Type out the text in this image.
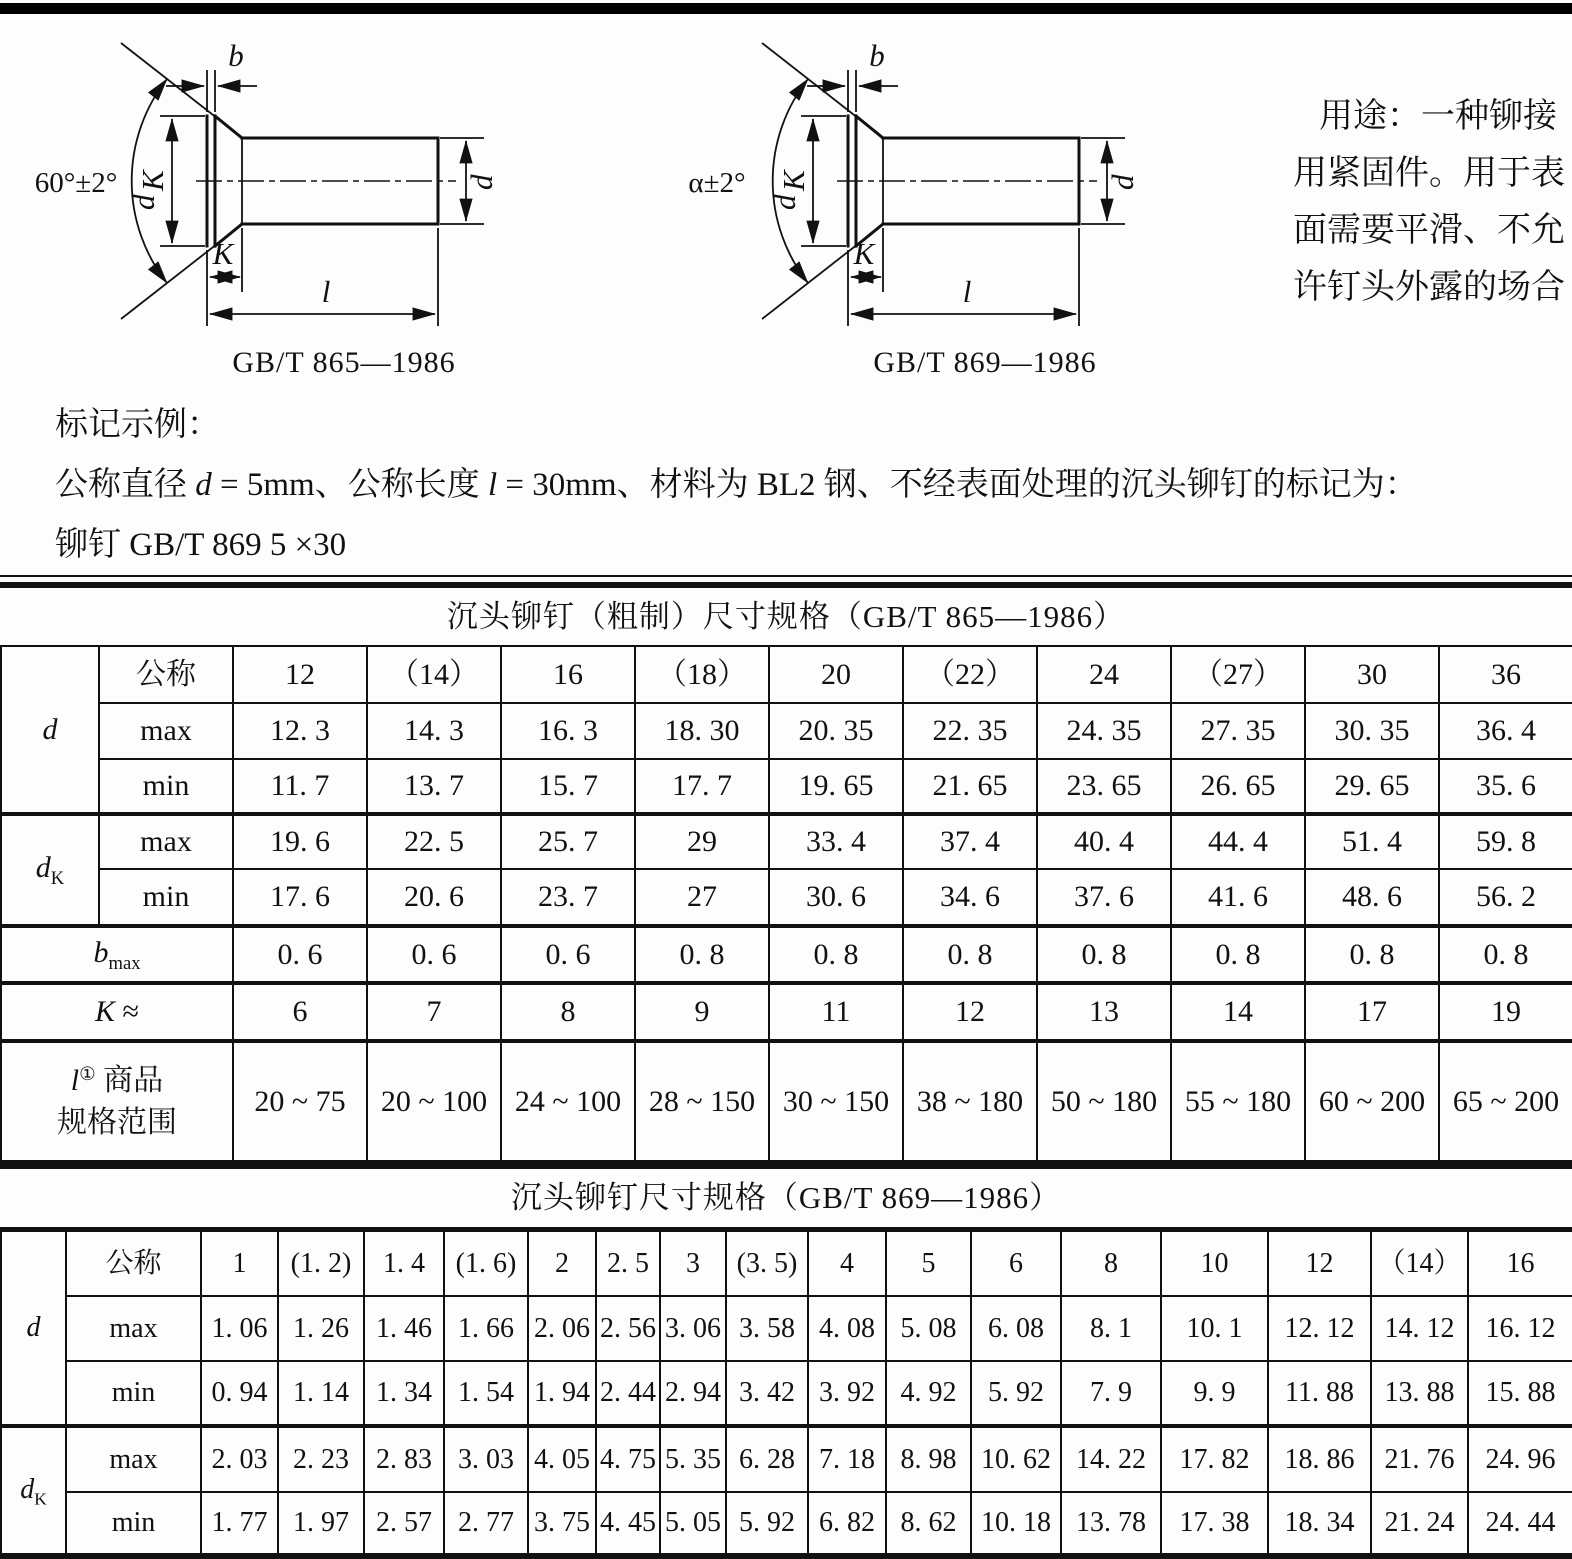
60°±2°
b
d
K
K
l
d
GB/T 865—1986
α±2°
b
d
K
K
l
d
GB/T 869—1986
用途：一种铆接
用紧固件。用于表
面需要平滑、不允
许钉头外露的场合
标记示例：
公称直径 d = 5mm、公称长度 l = 30mm、材料为 BL2 钢、不经表面处理的沉头铆钉的标记为：
铆钉 GB/T 869 5 ×30
沉头铆钉（粗制）尺寸规格（GB/T 865—1986）
d	公称	12	（14）	16	（18）	20	（22）	24	（27）	30	36
	max	12. 3	14. 3	16. 3	18. 30	20. 35	22. 35	24. 35	27. 35	30. 35	36. 4
	min	11. 7	13. 7	15. 7	17. 7	19. 65	21. 65	23. 65	26. 65	29. 65	35. 6
$d_K$	max	19. 6	22. 5	25. 7	29	33. 4	37. 4	40. 4	44. 4	51. 4	59. 8
	min	17. 6	20. 6	23. 7	27	30. 6	34. 6	37. 6	41. 6	48. 6	56. 2
$b_{max}$		0. 6	0. 6	0. 6	0. 8	0. 8	0. 8	0. 8	0. 8	0. 8	0. 8
K ≈		6	7	8	9	11	12	13	14	17	19
l① 商品
规格范围		20 ~ 75	20 ~ 100	24 ~ 100	28 ~ 150	30 ~ 150	38 ~ 180	50 ~ 180	55 ~ 180	60 ~ 200	65 ~ 200
沉头铆钉尺寸规格（GB/T 869—1986）
d	公称	1	(1. 2)	1. 4	(1. 6)	2	2. 5	3	(3. 5)	4	5	6	8	10	12	（14）	16
	max	1. 06	1. 26	1. 46	1. 66	2. 06	2. 56	3. 06	3. 58	4. 08	5. 08	6. 08	8. 1	10. 1	12. 12	14. 12	16. 12
	min	0. 94	1. 14	1. 34	1. 54	1. 94	2. 44	2. 94	3. 42	3. 92	4. 92	5. 92	7. 9	9. 9	11. 88	13. 88	15. 88
$d_K$	max	2. 03	2. 23	2. 83	3. 03	4. 05	4. 75	5. 35	6. 28	7. 18	8. 98	10. 62	14. 22	17. 82	18. 86	21. 76	24. 96
	min	1. 77	1. 97	2. 57	2. 77	3. 75	4. 45	5. 05	5. 92	6. 82	8. 62	10. 18	13. 78	17. 38	18. 34	21. 24	24. 44
